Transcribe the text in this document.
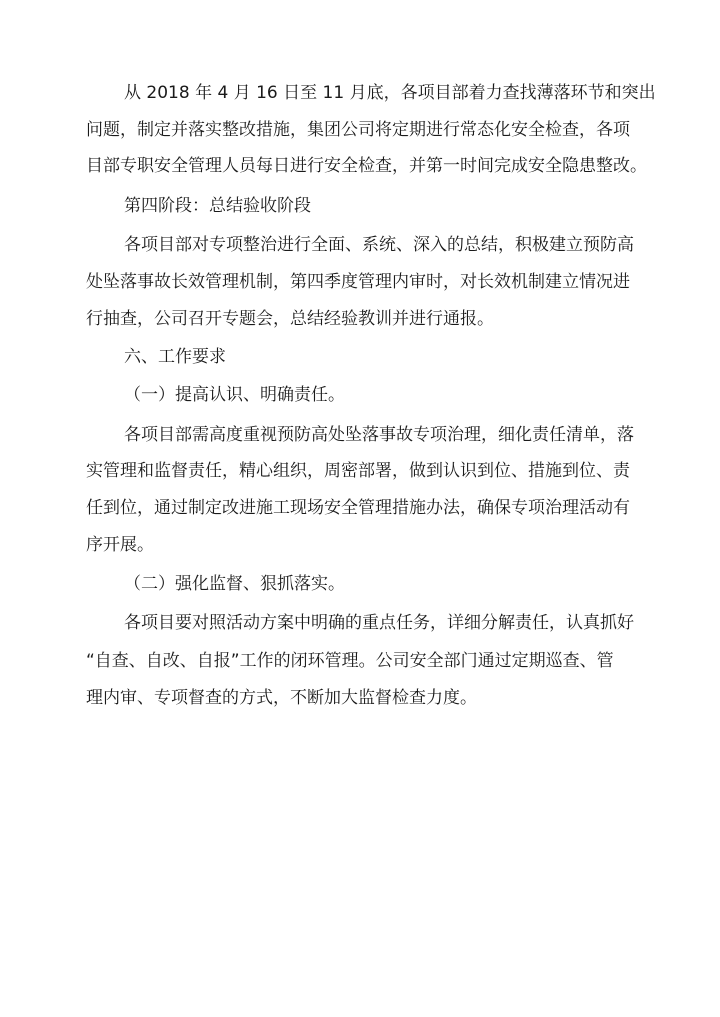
从 2018 年 4 月 16 日至 11 月底，各项目部着力查找薄落环节和突出
问题，制定并落实整改措施，集团公司将定期进行常态化安全检查，各项
目部专职安全管理人员每日进行安全检查，并第一时间完成安全隐患整改。
第四阶段：总结验收阶段
各项目部对专项整治进行全面、系统、深入的总结，积极建立预防高
处坠落事故长效管理机制，第四季度管理内审时，对长效机制建立情况进
行抽查，公司召开专题会，总结经验教训并进行通报。
六、工作要求
（一）提高认识、明确责任。
各项目部需高度重视预防高处坠落事故专项治理，细化责任清单，落
实管理和监督责任，精心组织，周密部署，做到认识到位、措施到位、责
任到位，通过制定改进施工现场安全管理措施办法，确保专项治理活动有
序开展。
（二）强化监督、狠抓落实。
各项目要对照活动方案中明确的重点任务，详细分解责任，认真抓好
“自查、自改、自报”工作的闭环管理。公司安全部门通过定期巡查、管
理内审、专项督查的方式，不断加大监督检查力度。
